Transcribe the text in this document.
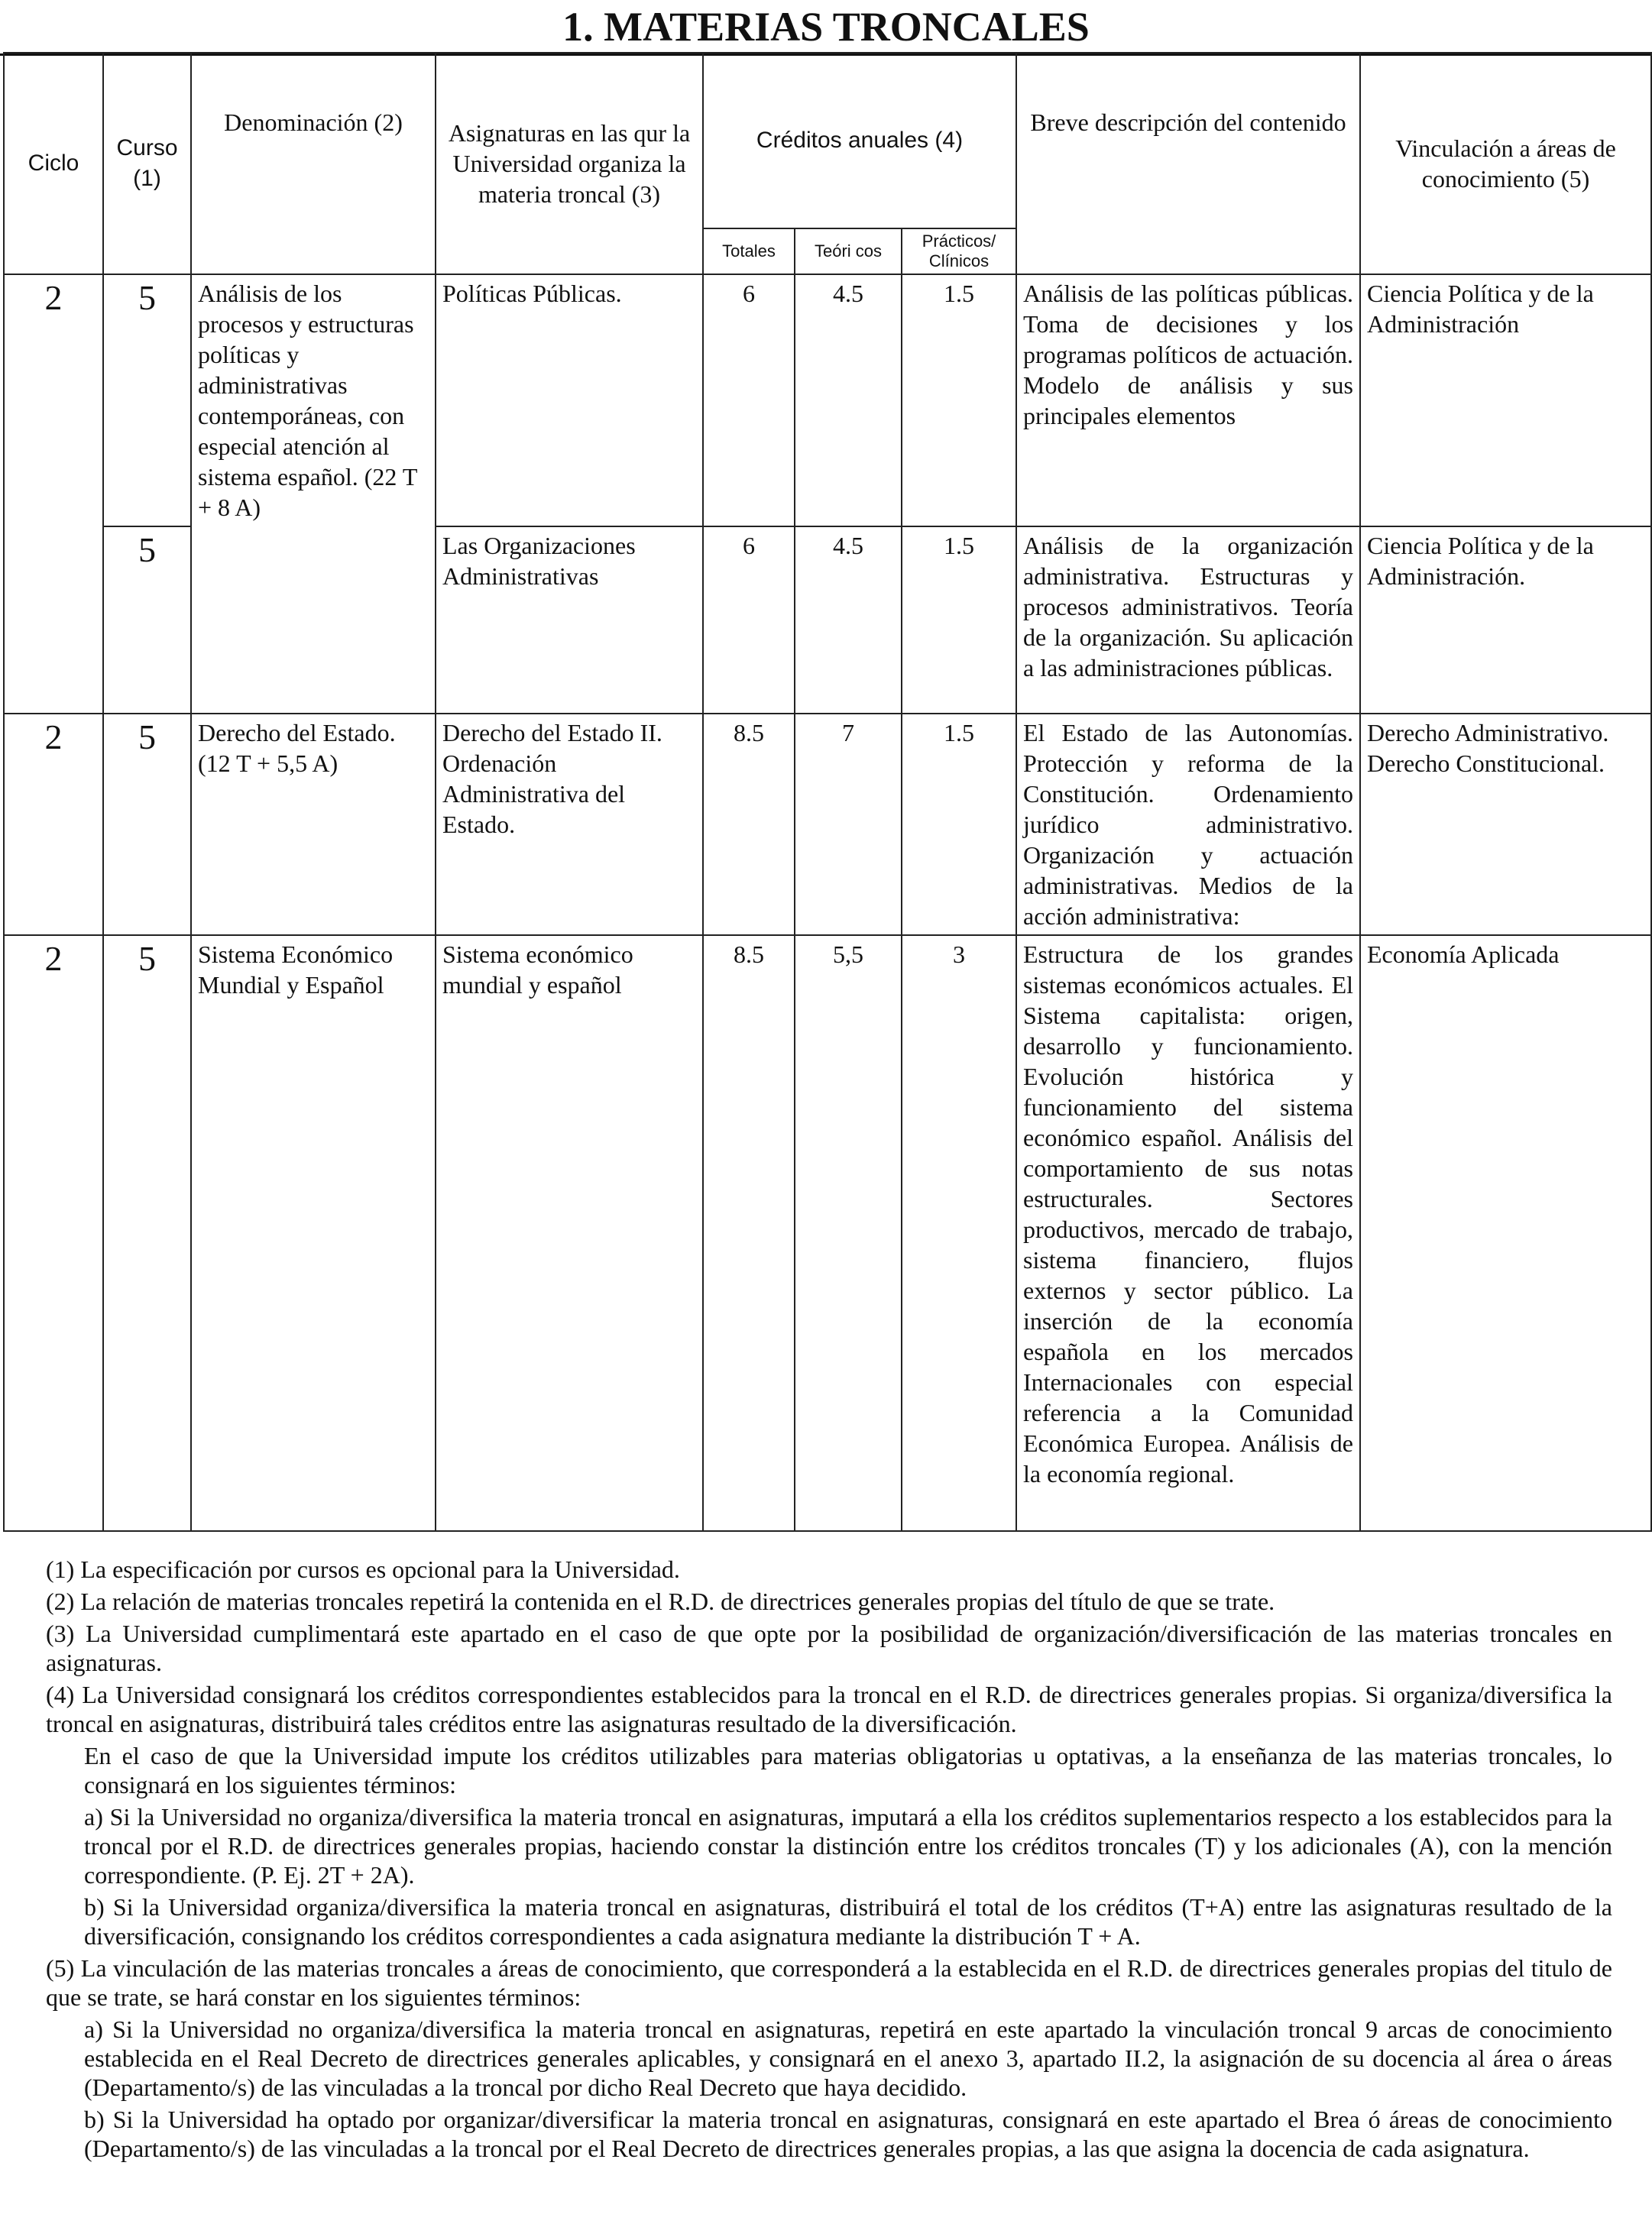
1. MATERIAS TRONCALES
Ciclo	Curso (1)	Denominación (2)	Asignaturas en las qur la Universidad organiza la materia troncal (3)	Créditos anuales (4)			Breve descripción del contenido	Vinculación a áreas de conocimiento (5)
				Totales	Teóri cos	Prácticos/ Clínicos		
2	5	Análisis de los procesos y estructuras políticas y administrativas contemporáneas, con especial atención al sistema español. (22 T + 8 A)	Políticas Públicas.	6	4.5	1.5	Análisis de las políticas públicas. Toma de decisiones y los programas políticos de actuación. Modelo de análisis y sus principales elementos	Ciencia Política y de la Administración
	5		Las Organizaciones Administrativas	6	4.5	1.5	Análisis de la organización administrativa. Estructuras y procesos administrativos. Teoría de la organización. Su aplicación a las administraciones públicas.	Ciencia Política y de la Administración.
2	5	Derecho del Estado. (12 T + 5,5 A)	Derecho del Estado II. Ordenación Administrativa del Estado.	8.5	7	1.5	El Estado de las Autonomías. Protección y reforma de la Constitución. Ordenamiento jurídico administrativo. Organización y actuación administrativas. Medios de la acción administrativa:	Derecho Administrativo. Derecho Constitucional.
2	5	Sistema Económico Mundial y Español	Sistema económico mundial y español	8.5	5,5	3	Estructura de los grandes sistemas económicos actuales. El Sistema capitalista: origen, desarrollo y funcionamiento. Evolución histórica y funcionamiento del sistema económico español. Análisis del comportamiento de sus notas estructurales. Sectores productivos, mercado de trabajo, sistema financiero, flujos externos y sector público. La inserción de la economía española en los mercados Internacionales con especial referencia a la Comunidad Económica Europea. Análisis de la economía regional.	Economía Aplicada

(1) La especificación por cursos es opcional para la Universidad.

(2) La relación de materias troncales repetirá la contenida en el R.D. de directrices generales propias del título de que se trate.

(3) La Universidad cumplimentará este apartado en el caso de que opte por la posibilidad de organización/diversificación de las materias troncales en asignaturas.

(4) La Universidad consignará los créditos correspondientes establecidos para la troncal en el R.D. de directrices generales propias. Si organiza/diversifica la troncal en asignaturas, distribuirá tales créditos entre las asignaturas resultado de la diversificación.

En el caso de que la Universidad impute los créditos utilizables para materias obligatorias u optativas, a la enseñanza de las materias troncales, lo consignará en los siguientes términos:

a) Si la Universidad no organiza/diversifica la materia troncal en asignaturas, imputará a ella los créditos suplementarios respecto a los establecidos para la troncal por el R.D. de directrices generales propias, haciendo constar la distinción entre los créditos troncales (T) y los adicionales (A), con la mención correspondiente. (P. Ej. 2T + 2A).

b) Si la Universidad organiza/diversifica la materia troncal en asignaturas, distribuirá el total de los créditos (T+A) entre las asignaturas resultado de la diversificación, consignando los créditos correspondientes a cada asignatura mediante la distribución T + A.

(5) La vinculación de las materias troncales a áreas de conocimiento, que corresponderá a la establecida en el R.D. de directrices generales propias del titulo de que se trate, se hará constar en los siguientes términos:

a) Si la Universidad no organiza/diversifica la materia troncal en asignaturas, repetirá en este apartado la vinculación troncal 9 arcas de conocimiento establecida en el Real Decreto de directrices generales aplicables, y consignará en el anexo 3, apartado II.2, la asignación de su docencia al área o áreas (Departamento/s) de las vinculadas a la troncal por dicho Real Decreto que haya decidido.

b) Si la Universidad ha optado por organizar/diversificar la materia troncal en asignaturas, consignará en este apartado el Brea ó áreas de conocimiento (Departamento/s) de las vinculadas a la troncal por el Real Decreto de directrices generales propias, a las que asigna la docencia de cada asignatura.
